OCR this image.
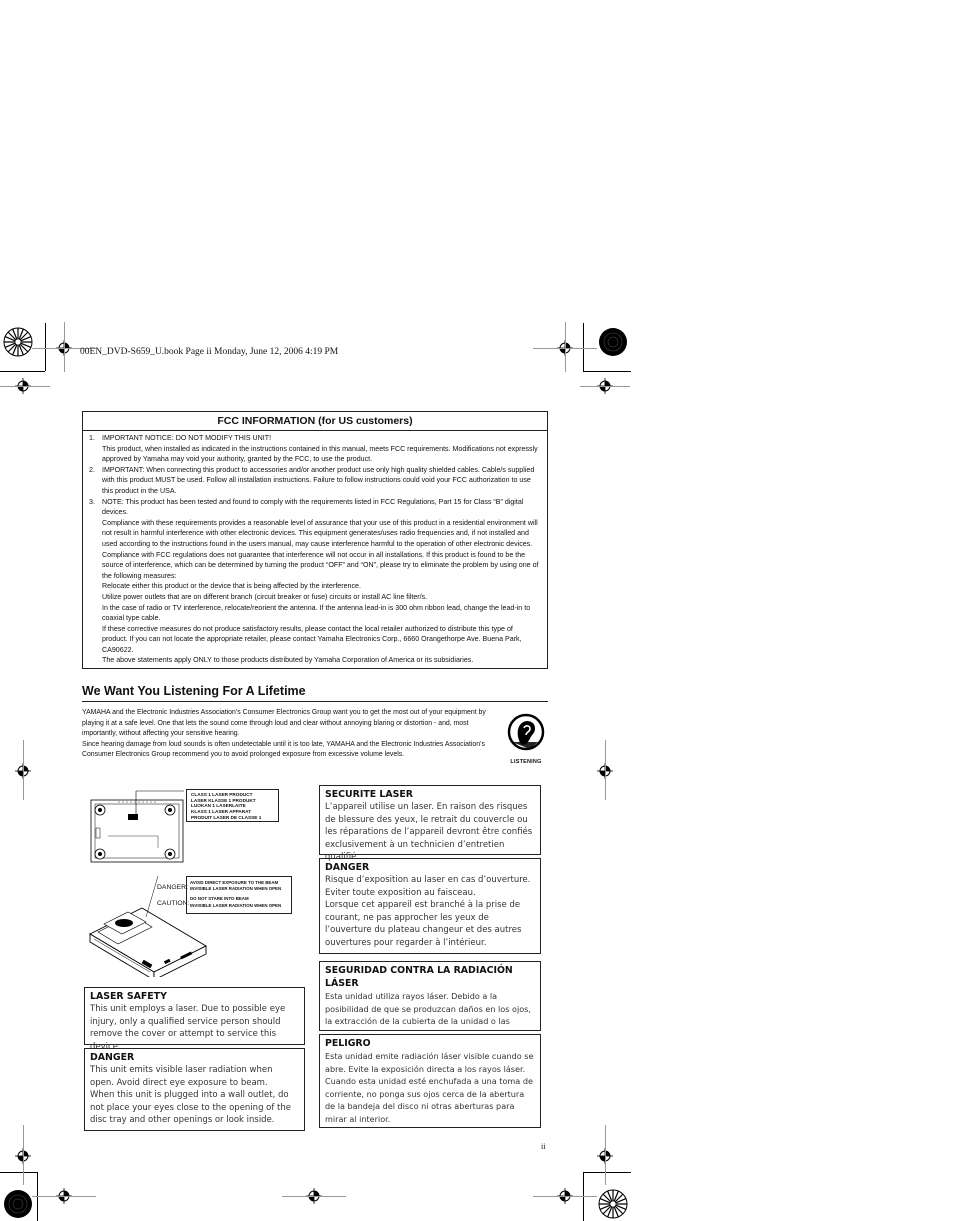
00EN_DVD-S659_U.book Page ii Monday, June 12, 2006 4:19 PM
FCC INFORMATION (for US customers)
1. IMPORTANT NOTICE: DO NOT MODIFY THIS UNIT!

This product, when installed as indicated in the instructions contained in this manual, meets FCC requirements. Modifications not expressly approved by Yamaha may void your authority, granted by the FCC, to use the product.

2. IMPORTANT: When connecting this product to accessories and/or another product use only high quality shielded cables. Cable/s supplied with this product MUST be used. Follow all installation instructions. Failure to follow instructions could void your FCC authorization to use this product in the USA.

3. NOTE: This product has been tested and found to comply with the requirements listed in FCC Regulations, Part 15 for Class “B” digital devices.

Compliance with these requirements provides a reasonable level of assurance that your use of this product in a residential environment will not result in harmful interference with other electronic devices. This equipment generates/uses radio frequencies and, if not installed and used according to the instructions found in the users manual, may cause interference harmful to the operation of other electronic devices. Compliance with FCC regulations does not guarantee that interference will not occur in all installations. If this product is found to be the source of interference, which can be determined by turning the product “OFF” and “ON”, please try to eliminate the problem by using one of the following measures:

Relocate either this product or the device that is being affected by the interference.

Utilize power outlets that are on different branch (circuit breaker or fuse) circuits or install AC line filter/s.

In the case of radio or TV interference, relocate/reorient the antenna. If the antenna lead-in is 300 ohm ribbon lead, change the lead-in to coaxial type cable.

If these corrective measures do not produce satisfactory results, please contact the local retailer authorized to distribute this type of product. If you can not locate the appropriate retailer, please contact Yamaha Electronics Corp., 6660 Orangethorpe Ave. Buena Park, CA90622.

The above statements apply ONLY to those products distributed by Yamaha Corporation of America or its subsidiaries.

We Want You Listening For A Lifetime

YAMAHA and the Electronic Industries Association’s Consumer Electronics Group want you to get the most out of your equipment by playing it at a safe level. One that lets the sound come through loud and clear without annoying blaring or distortion - and, most importantly, without affecting your sensitive hearing.

Since hearing damage from loud sounds is often undetectable until it is too late, YAMAHA and the Electronic Industries Association’s Consumer Electronics Group recommend you to avoid prolonged exposure from excessive volume levels.

LISTENING
CLASS 1 LASER PRODUCT
LASER KLASSE 1 PRODUKT
LUOKAN 1 LASERLAITE
KLASS 1 LASER APPARAT
PRODUIT LASER DE CLASSE 1
DANGER:
AVOID DIRECT EXPOSURE TO THE BEAM
INVISIBLE LASER RADIATION WHEN OPEN
CAUTION:
DO NOT STARE INTO BEAM
INVISIBLE LASER RADIATION WHEN OPEN
LASER SAFETY

This unit employs a laser. Due to possible eye injury, only a qualified service person should remove the cover or attempt to service this device.

DANGER

This unit emits visible laser radiation when open. Avoid direct eye exposure to beam.

When this unit is plugged into a wall outlet, do not place your eyes close to the opening of the disc tray and other openings or look inside.

SECURITE LASER

L’appareil utilise un laser. En raison des risques de blessure des yeux, le retrait du couvercle ou les réparations de l’appareil devront être confiés exclusivement à un technicien d’entretien qualifié.

DANGER

Risque d’exposition au laser en cas d’ouverture. Eviter toute exposition au faisceau.

Lorsque cet appareil est branché à la prise de courant, ne pas approcher les yeux de l’ouverture du plateau changeur et des autres ouvertures pour regarder à l’intérieur.

SEGURIDAD CONTRA LA RADIACIÓN LÁSER

Esta unidad utiliza rayos láser. Debido a la posibilidad de que se produzcan daños en los ojos, la extracción de la cubierta de la unidad o las

PELIGRO

Esta unidad emite radiación láser visible cuando se abre. Evite la exposición directa a los rayos láser. Cuando esta unidad esté enchufada a una toma de corriente, no ponga sus ojos cerca de la abertura de la bandeja del disco ni otras aberturas para mirar al interior.

ii
